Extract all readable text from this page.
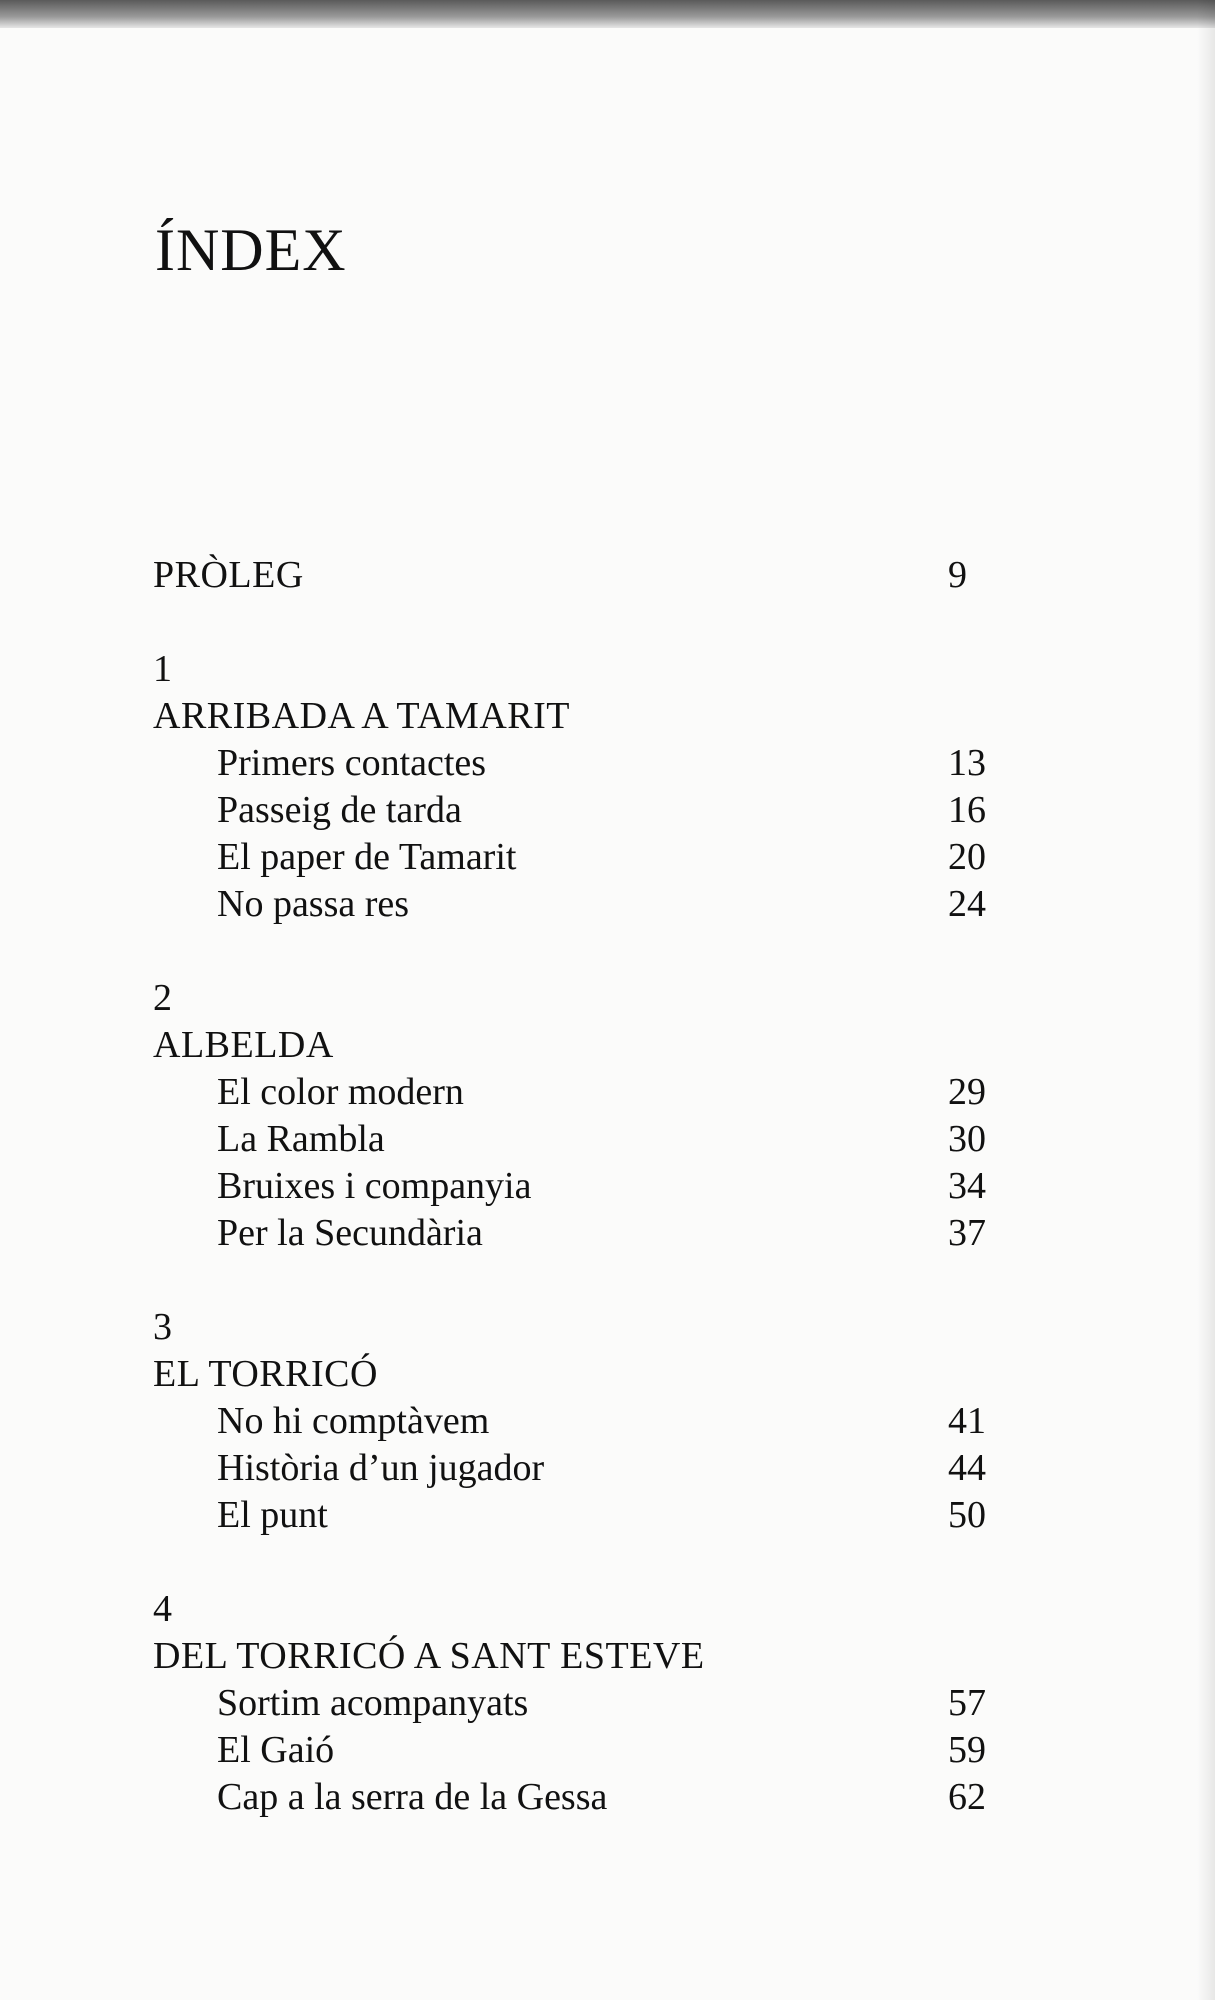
ÍNDEX
PRÒLEG	9
1
ARRIBADA A TAMARIT
Primers contactes	13
Passeig de tarda	16
El paper de Tamarit	20
No passa res	24
2
ALBELDA
El color modern	29
La Rambla	30
Bruixes i companyia	34
Per la Secundària	37
3
EL TORRICÓ
No hi comptàvem	41
Història d’un jugador	44
El punt	50
4
DEL TORRICÓ A SANT ESTEVE
Sortim acompanyats	57
El Gaió	59
Cap a la serra de la Gessa	62
